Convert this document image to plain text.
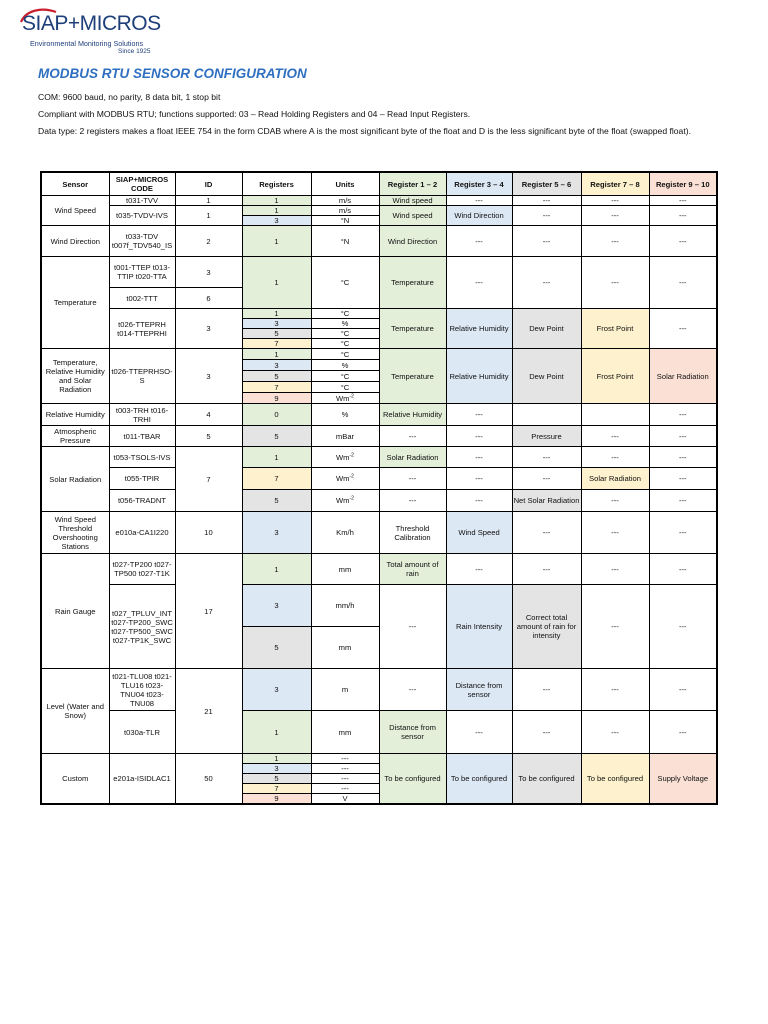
SIAP+MICROS
Environmental Monitoring Solutions
Since 1925
MODBUS RTU SENSOR CONFIGURATION
COM: 9600 baud, no parity, 8 data bit, 1 stop bit
Compliant with MODBUS RTU; functions supported: 03 – Read Holding Registers and 04 – Read Input Registers.
Data type: 2 registers makes a float IEEE 754 in the form CDAB where A is the most significant byte of the float and D is the less significant byte of the float (swapped float).
Sensor	SIAP+MICROS CODE	ID	Registers	Units	Register 1 – 2	Register 3 – 4	Register 5 – 6	Register 7 – 8	Register 9 – 10
Wind Speed	t031-TVV	1	1	m/s	Wind speed	---	---	---	---
	t035-TVDV-IVS	1	1	m/s	Wind speed	Wind Direction	---	---	---
			3	°N					
Wind Direction	t033-TDV t007f_TDV540_IS	2	1	°N	Wind Direction	---	---	---	---
Temperature	t001-TTEP t013-TTIP t020-TTA	3	1	°C	Temperature	---	---	---	---
	t002-TTT	6							
	t026-TTEPRH t014-TTEPRHI	3	1	°C	Temperature	Relative Humidity	Dew Point	Frost Point	---
			3	%					
			5	°C					
			7	°C					
Temperature, Relative Humidity and Solar Radiation	t026-TTEPRHSO-S	3	1	°C	Temperature	Relative Humidity	Dew Point	Frost Point	Solar Radiation
			3	%					
			5	°C					
			7	°C					
			9	$Wm^{-2}$
Relative Humidity	t003-TRH t016-TRHI	4	0	%	Relative Humidity	---			---
Atmospheric Pressure	t011-TBAR	5	5	mBar	---	---	Pressure	---	---
Solar Radiation	t053-TSOLS-IVS	7	1	$Wm^{-2}$	Solar Radiation	---	---	---	---
	t055-TPIR		7	$Wm^{-2}$	---	---	---	Solar Radiation	---
	t056-TRADNT		5	$Wm^{-2}$	---	---	Net Solar Radiation	---	---
Wind Speed Threshold Overshooting Stations	e010a-CA1I220	10	3	Km/h	Threshold Calibration	Wind Speed	---	---	---
Rain Gauge	t027-TP200 t027-TP500 t027-T1K	17	1	mm	Total amount of rain	---	---	---	---
	t027_TPLUV_INT t027-TP200_SWC t027-TP500_SWC t027-TP1K_SWC		3	mm/h	---	Rain Intensity	Correct total amount of rain for intensity	---	---
			5	mm					
Level (Water and Snow)	t021-TLU08 t021-TLU16 t023-TNU04 t023-TNU08	21	3	m	---	Distance from sensor	---	---	---
	t030a-TLR		1	mm	Distance from sensor	---	---	---	---
Custom	e201a-ISIDLAC1	50	1	---	To be configured	To be configured	To be configured	To be configured	Supply Voltage
			3	---					
			5	---					
			7	---					
			9	V					
